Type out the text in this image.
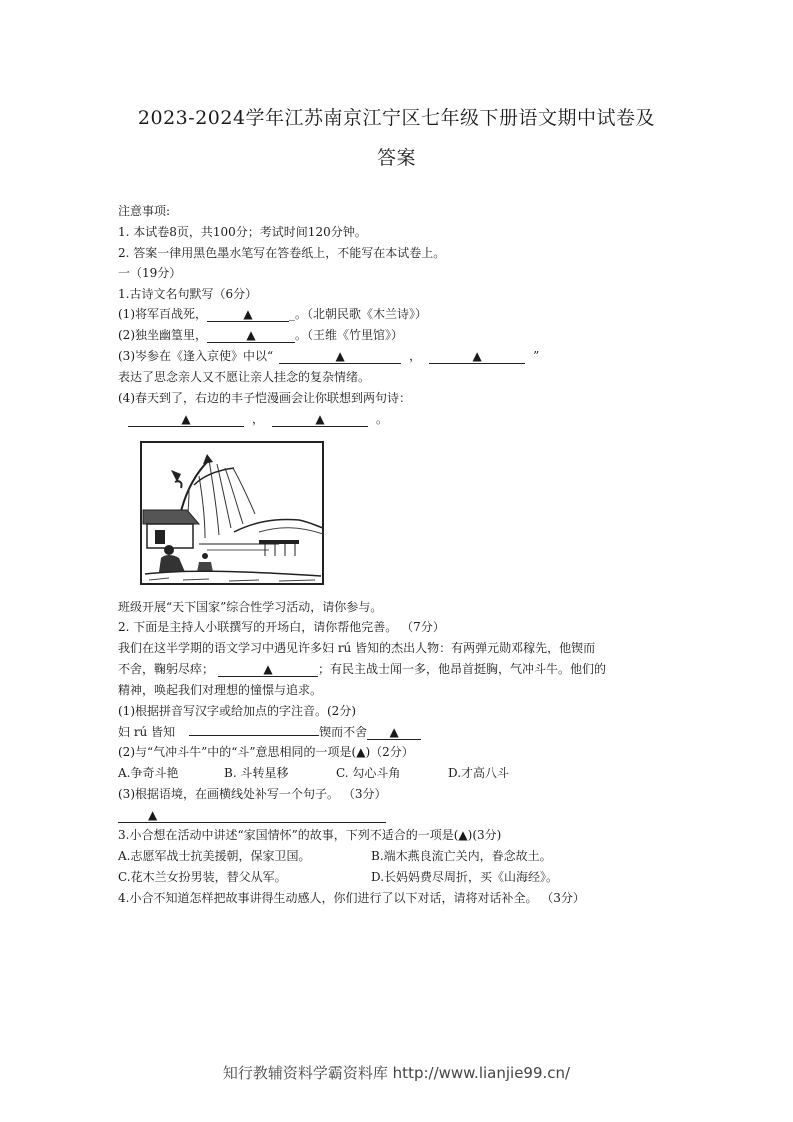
2023-2024学年江苏南京江宁区七年级下册语文期中试卷及
答案
注意事项:
1. 本试卷8页，共100分；考试时间120分钟。
2. 答案一律用黑色墨水笔写在答卷纸上，不能写在本试卷上。
一（19分）
1.古诗文名句默写（6分）
(1)将军百战死，	▲	_。（北朝民歌《木兰诗》）
(2)独坐幽篁里，	▲	。（王维《竹里馆》）
(3)岑参在《逢入京使》中以“	▲	，	▲	”
表达了思念亲人又不愿让亲人挂念的复杂情绪。
(4)春天到了，右边的丰子恺漫画会让你联想到两句诗：
▲	，	▲	。
班级开展“天下国家”综合性学习活动，请你参与。
2. 下面是主持人小联撰写的开场白，请你帮他完善。 （7分）
我们在这半学期的语文学习中遇见许多妇 rú 皆知的杰出人物：有两弹元勋邓稼先，他锲而
不舍，鞠躬尽瘁；	▲	；有民主战士闻一多，他昂首挺胸，气冲斗牛。他们的
精神，唤起我们对理想的憧憬与追求。
(1)根据拼音写汉字或给加点的字注音。(2分)
妇 rú 皆知	锲而不舍 ▲
(2)与“气冲斗牛”中的“斗”意思相同的一项是(▲)（2分）
A.争奇斗艳	B. 斗转星移	C. 勾心斗角	D.才高八斗
(3)根据语境，在画横线处补写一个句子。 （3分）
▲
3.小合想在活动中讲述“家国情怀”的故事，下列不适合的一项是(▲)(3分)
A.志愿军战士抗美援朝，保家卫国。	B.端木燕良流亡关内，眷念故土。
C.花木兰女扮男装，替父从军。	D.长妈妈费尽周折，买《山海经》。
4.小合不知道怎样把故事讲得生动感人，你们进行了以下对话，请将对话补全。 （3分）
知行教辅资料学霸资料库 http://www.lianjie99.cn/
